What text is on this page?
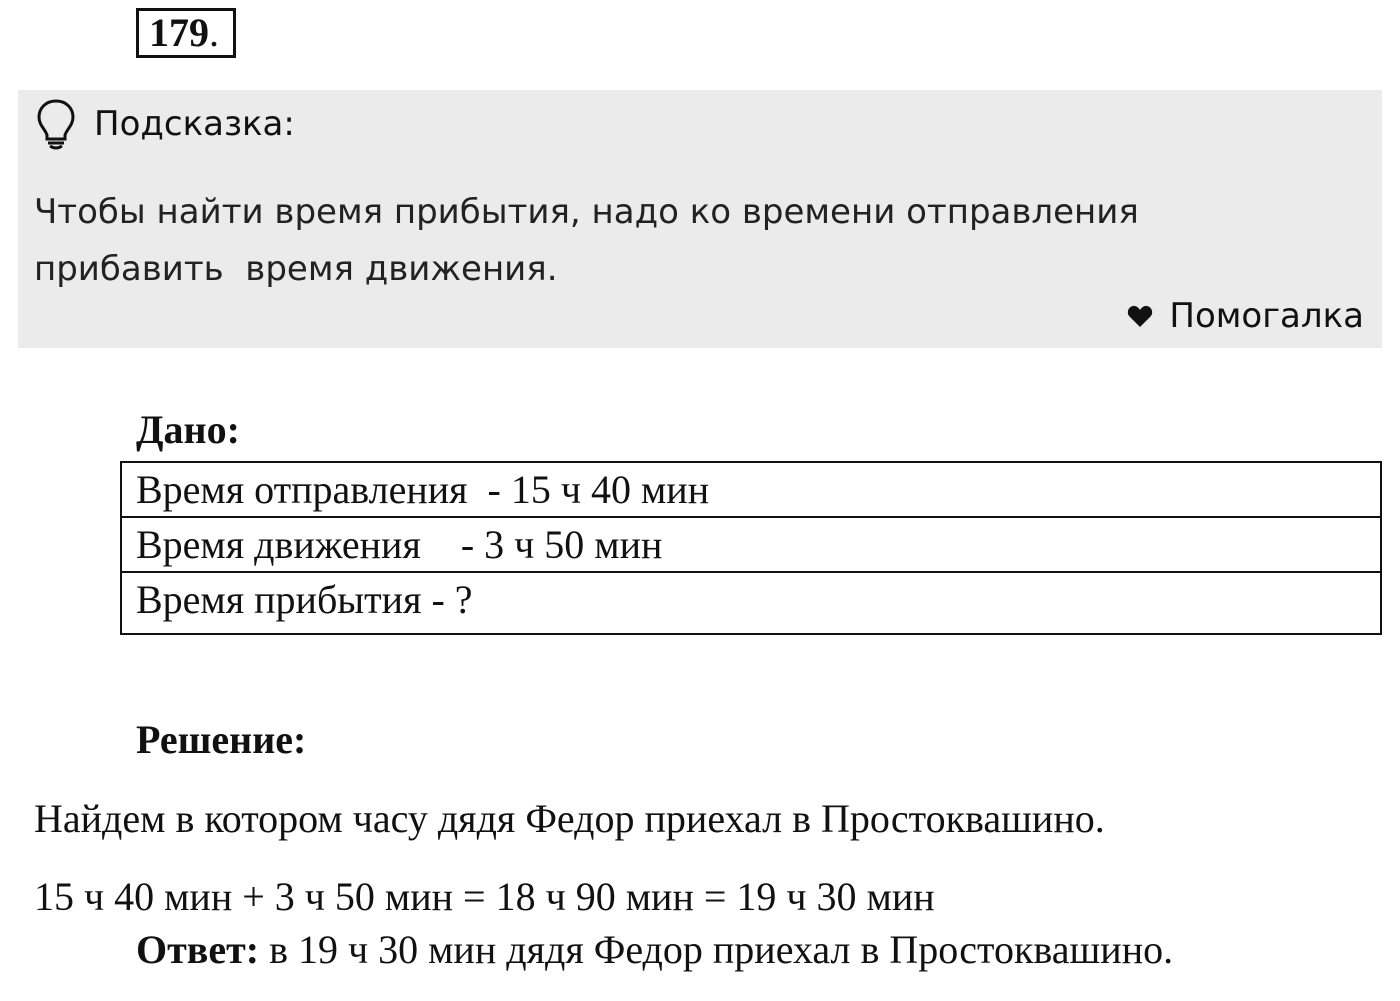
179.
Подсказка:
Чтобы найти время прибытия, надо ко времени отправления
прибавить  время движения.
Помогалка
Дано:
Время отправления  - 15 ч 40 мин
Время движения    - 3 ч 50 мин
Время прибытия - ?
Решение:
Найдем в котором часу дядя Федор приехал в Простоквашино.
15 ч 40 мин + 3 ч 50 мин = 18 ч 90 мин = 19 ч 30 мин
Ответ: в 19 ч 30 мин дядя Федор приехал в Простоквашино.
